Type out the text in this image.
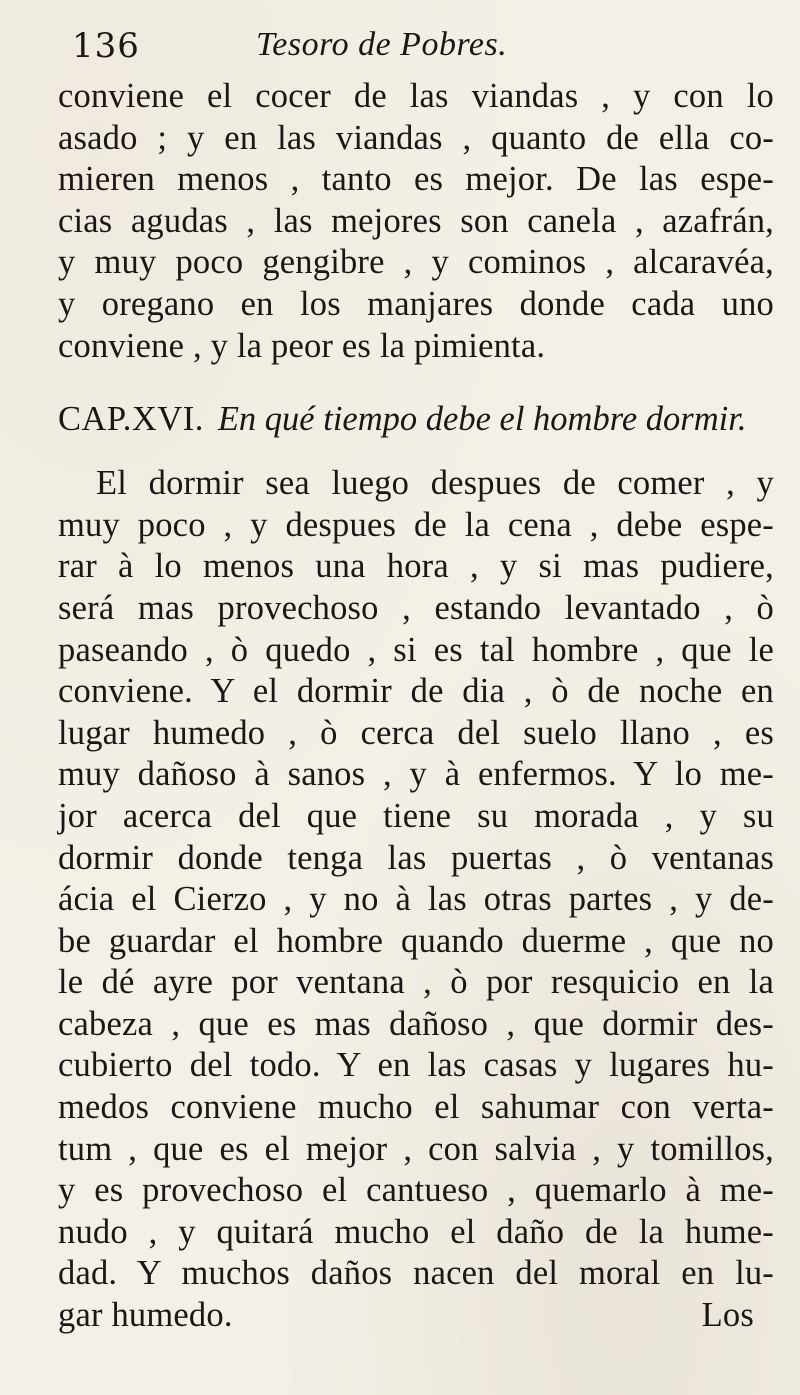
136	Tesoro de Pobres.
conviene el cocer de las viandas , y con lo
asado ; y en las viandas , quanto de ella co-
mieren menos , tanto es mejor. De las espe-
cias agudas , las mejores son canela , azafrán,
y muy poco gengibre , y cominos , alcaravéa,
y oregano en los manjares donde cada uno
conviene , y la peor es la pimienta.
CAP.XVI. En qué tiempo debe el hombre dormir.
El dormir sea luego despues de comer , y
muy poco , y despues de la cena , debe espe-
rar à lo menos una hora , y si mas pudiere,
será mas provechoso , estando levantado , ò
paseando , ò quedo , si es tal hombre , que le
conviene. Y el dormir de dia , ò de noche en
lugar humedo , ò cerca del suelo llano , es
muy dañoso à sanos , y à enfermos. Y lo me-
jor acerca del que tiene su morada , y su
dormir donde tenga las puertas , ò ventanas
ácia el Cierzo , y no à las otras partes , y de-
be guardar el hombre quando duerme , que no
le dé ayre por ventana , ò por resquicio en la
cabeza , que es mas dañoso , que dormir des-
cubierto del todo. Y en las casas y lugares hu-
medos conviene mucho el sahumar con verta-
tum , que es el mejor , con salvia , y tomillos,
y es provechoso el cantueso , quemarlo à me-
nudo , y quitará mucho el daño de la hume-
dad. Y muchos daños nacen del moral en lu-
gar humedo.	Los
